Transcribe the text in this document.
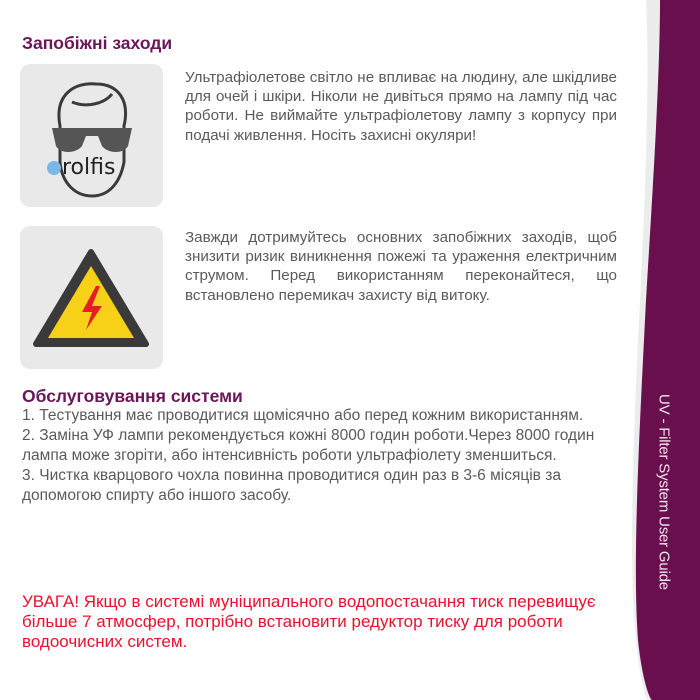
UV - Filter System User Guide
Запобіжні заходи
rolfis

Ультрафіолетове світло не впливає на людину, але шкідливе для очей і шкіри. Ніколи не дивіться прямо на лампу під час роботи. Не виймайте ультрафіолетову лампу з корпусу при подачі живлення. Носіть захисні окуляри!

Завжди дотримуйтесь основних запобіжних заходів, щоб знизити ризик виникнення пожежі та ураження електричним струмом. Перед використанням переконайтеся, що встановлено перемикач захисту від витоку.

Обслуговування системи
1. Тестування має проводитися щомісячно або перед кожним використанням.
2. Заміна УФ лампи рекомендується кожні 8000 годин роботи.Через 8000 годин лампа може згоріти, або інтенсивність роботи ультрафіолету зменшиться.
3. Чистка кварцового чохла повинна проводитися один раз в 3-6 місяців за допомогою спирту або іншого засобу.
УВАГА! Якщо в системі муніципального водопостачання тиск перевищує більше 7 атмосфер, потрібно встановити редуктор тиску для роботи водоочисних систем.
